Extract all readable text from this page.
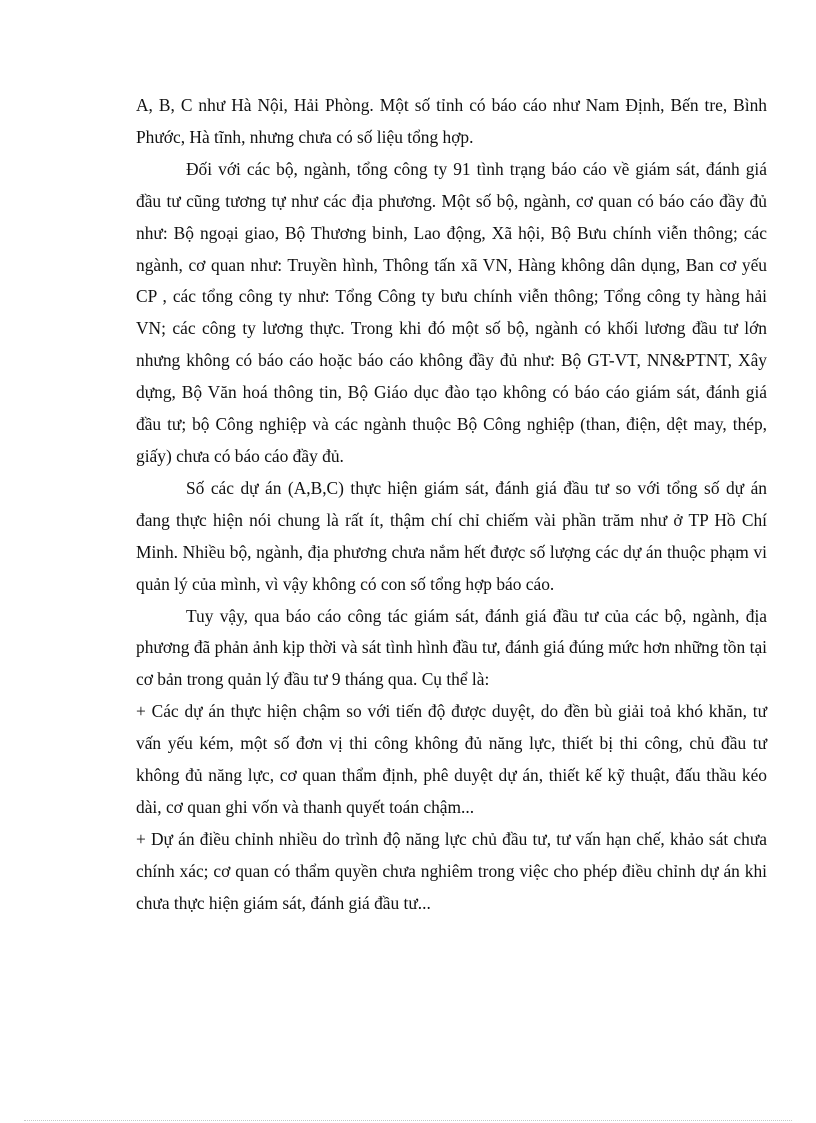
A, B, C như Hà Nội, Hải Phòng. Một số tỉnh có báo cáo như Nam Định, Bến tre, Bình Phước, Hà tĩnh, nhưng chưa có số liệu tổng hợp.

Đối với các bộ, ngành, tổng công ty 91 tình trạng báo cáo về giám sát, đánh giá đầu tư cũng tương tự như các địa phương. Một số bộ, ngành, cơ quan có báo cáo đầy đủ như: Bộ ngoại giao, Bộ Thương binh, Lao động, Xã hội, Bộ Bưu chính viễn thông; các ngành, cơ quan như: Truyền hình, Thông tấn xã VN, Hàng không dân dụng, Ban cơ yếu CP , các tổng công ty như: Tổng Công ty bưu chính viễn thông; Tổng công ty hàng hải VN; các công ty lương thực. Trong khi đó một số bộ, ngành có khối lương đầu tư lớn nhưng không có báo cáo hoặc báo cáo không đầy đủ như: Bộ GT-VT, NN&PTNT, Xây dựng, Bộ Văn hoá thông tin, Bộ Giáo dục đào tạo không có báo cáo giám sát, đánh giá đầu tư; bộ Công nghiệp và các ngành thuộc Bộ Công nghiệp (than, điện, dệt may, thép, giấy) chưa có báo cáo đầy đủ.

Số các dự án (A,B,C) thực hiện giám sát, đánh giá đầu tư so với tổng số dự án đang thực hiện nói chung là rất ít, thậm chí chỉ chiếm vài phần trăm như ở TP Hồ Chí Minh. Nhiều bộ, ngành, địa phương chưa nắm hết được số lượng các dự án thuộc phạm vi quản lý của mình, vì vậy không có con số tổng hợp báo cáo.

Tuy vậy, qua báo cáo công tác giám sát, đánh giá đầu tư của các bộ, ngành, địa phương đã phản ảnh kịp thời và sát tình hình đầu tư, đánh giá đúng mức hơn những tồn tại cơ bản trong quản lý đầu tư 9 tháng qua. Cụ thể là:

+ Các dự án thực hiện chậm so với tiến độ được duyệt, do đền bù giải toả khó khăn, tư vấn yếu kém, một số đơn vị thi công không đủ năng lực, thiết bị thi công, chủ đầu tư không đủ năng lực, cơ quan thẩm định, phê duyệt dự án, thiết kế kỹ thuật, đấu thầu kéo dài, cơ quan ghi vốn và thanh quyết toán chậm...

+ Dự án điều chỉnh nhiều do trình độ năng lực chủ đầu tư, tư vấn hạn chế, khảo sát chưa chính xác; cơ quan có thẩm quyền chưa nghiêm trong việc cho phép điều chỉnh dự án khi chưa thực hiện giám sát, đánh giá đầu tư...
